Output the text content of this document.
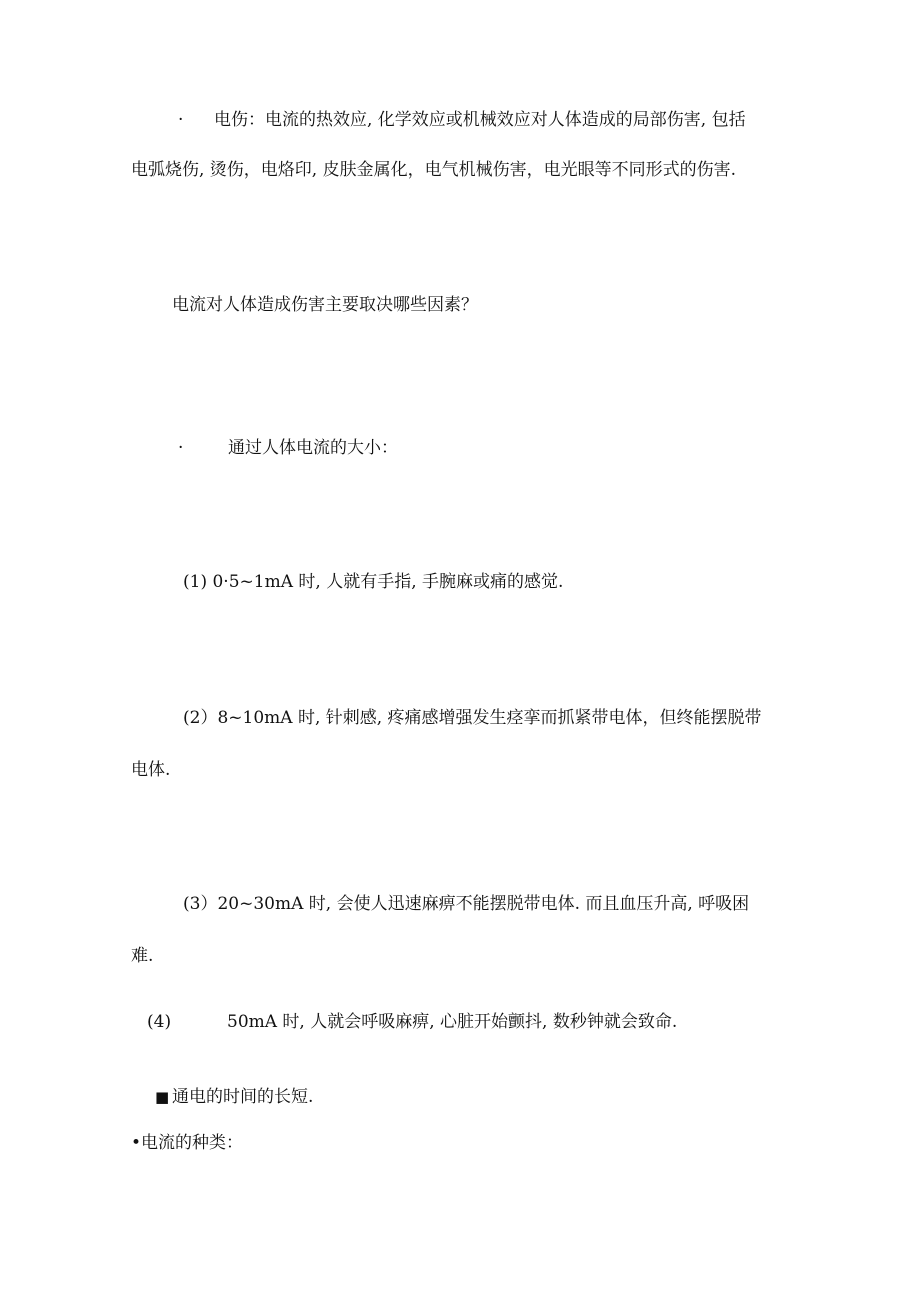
· 电伤：电流的热效应, 化学效应或机械效应对人体造成的局部伤害, 包括
电弧烧伤, 烫伤，电烙印, 皮肤金属化，电气机械伤害，电光眼等不同形式的伤害.
电流对人体造成伤害主要取决哪些因素？
·	通过人体电流的大小：
(1) 0·5~1mA 时, 人就有手指, 手腕麻或痛的感觉.
(2）8~10mA 时, 针刺感, 疼痛感增强发生痉挛而抓紧带电体，但终能摆脱带
电体.
(3）20~30mA 时, 会使人迅速麻痹不能摆脱带电体. 而且血压升高, 呼吸困
难.
(4)	50mA 时, 人就会呼吸麻痹, 心脏开始颤抖, 数秒钟就会致命.
■ 通电的时间的长短.
•电流的种类：
